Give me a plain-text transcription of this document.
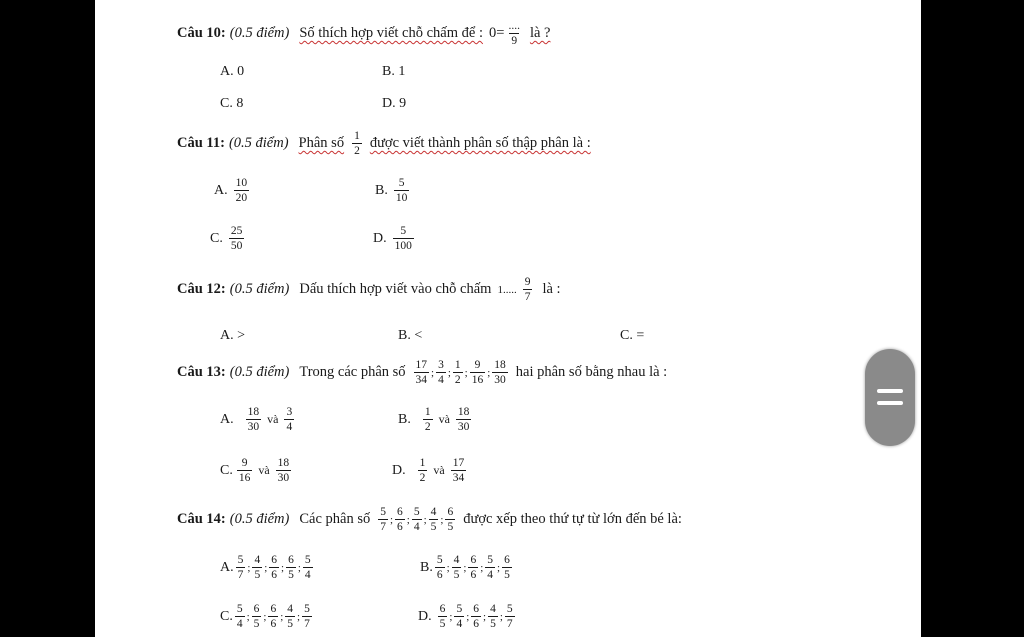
Câu 10: (0.5 điểm) Số thích hợp viết chỗ chấm để : $0= \frac{....}{9}$ là ?
A. 0	B. 1
C. 8	D. 9
Câu 11: (0.5 điểm) Phân số $\frac{1}{2}$ được viết thành phân số thập phân là :
A. $\frac{10}{20}$	B. $\frac{5}{10}$
C. $\frac{25}{50}$	D. $\frac{5}{100}$
Câu 12: (0.5 điểm) Dấu thích hợp viết vào chỗ chấm 1..... $\frac{9}{7}$ là :
A. >	B. <	C. =
Câu 13: (0.5 điểm) Trong các phân số $\frac{17}{34}$ ; $\frac{3}{4}$ ; $\frac{1}{2}$ ; $\frac{9}{16}$ ; $\frac{18}{30}$ hai phân số bằng nhau là :
A. $\frac{18}{30}$ và $\frac{3}{4}$	B. $\frac{1}{2}$ và $\frac{18}{30}$
C. $\frac{9}{16}$ và $\frac{18}{30}$	D. $\frac{1}{2}$ và $\frac{17}{34}$
Câu 14: (0.5 điểm) Các phân số $\frac{5}{7}$ ; $\frac{6}{6}$ ; $\frac{5}{4}$ ; $\frac{4}{5}$ ; $\frac{6}{5}$ được xếp theo thứ tự từ lớn đến bé là:
A. $\frac{5}{7}$ ; $\frac{4}{5}$ ; $\frac{6}{6}$ ; $\frac{6}{5}$ ; $\frac{5}{4}$	B. $\frac{5}{6}$ ; $\frac{4}{5}$ ; $\frac{6}{6}$ ; $\frac{5}{4}$ ; $\frac{6}{5}$
C. $\frac{5}{4}$ ; $\frac{6}{5}$ ; $\frac{6}{6}$ ; $\frac{4}{5}$ ; $\frac{5}{7}$	D. $\frac{6}{5}$ ; $\frac{5}{4}$ ; $\frac{6}{6}$ ; $\frac{4}{5}$ ; $\frac{5}{7}$
